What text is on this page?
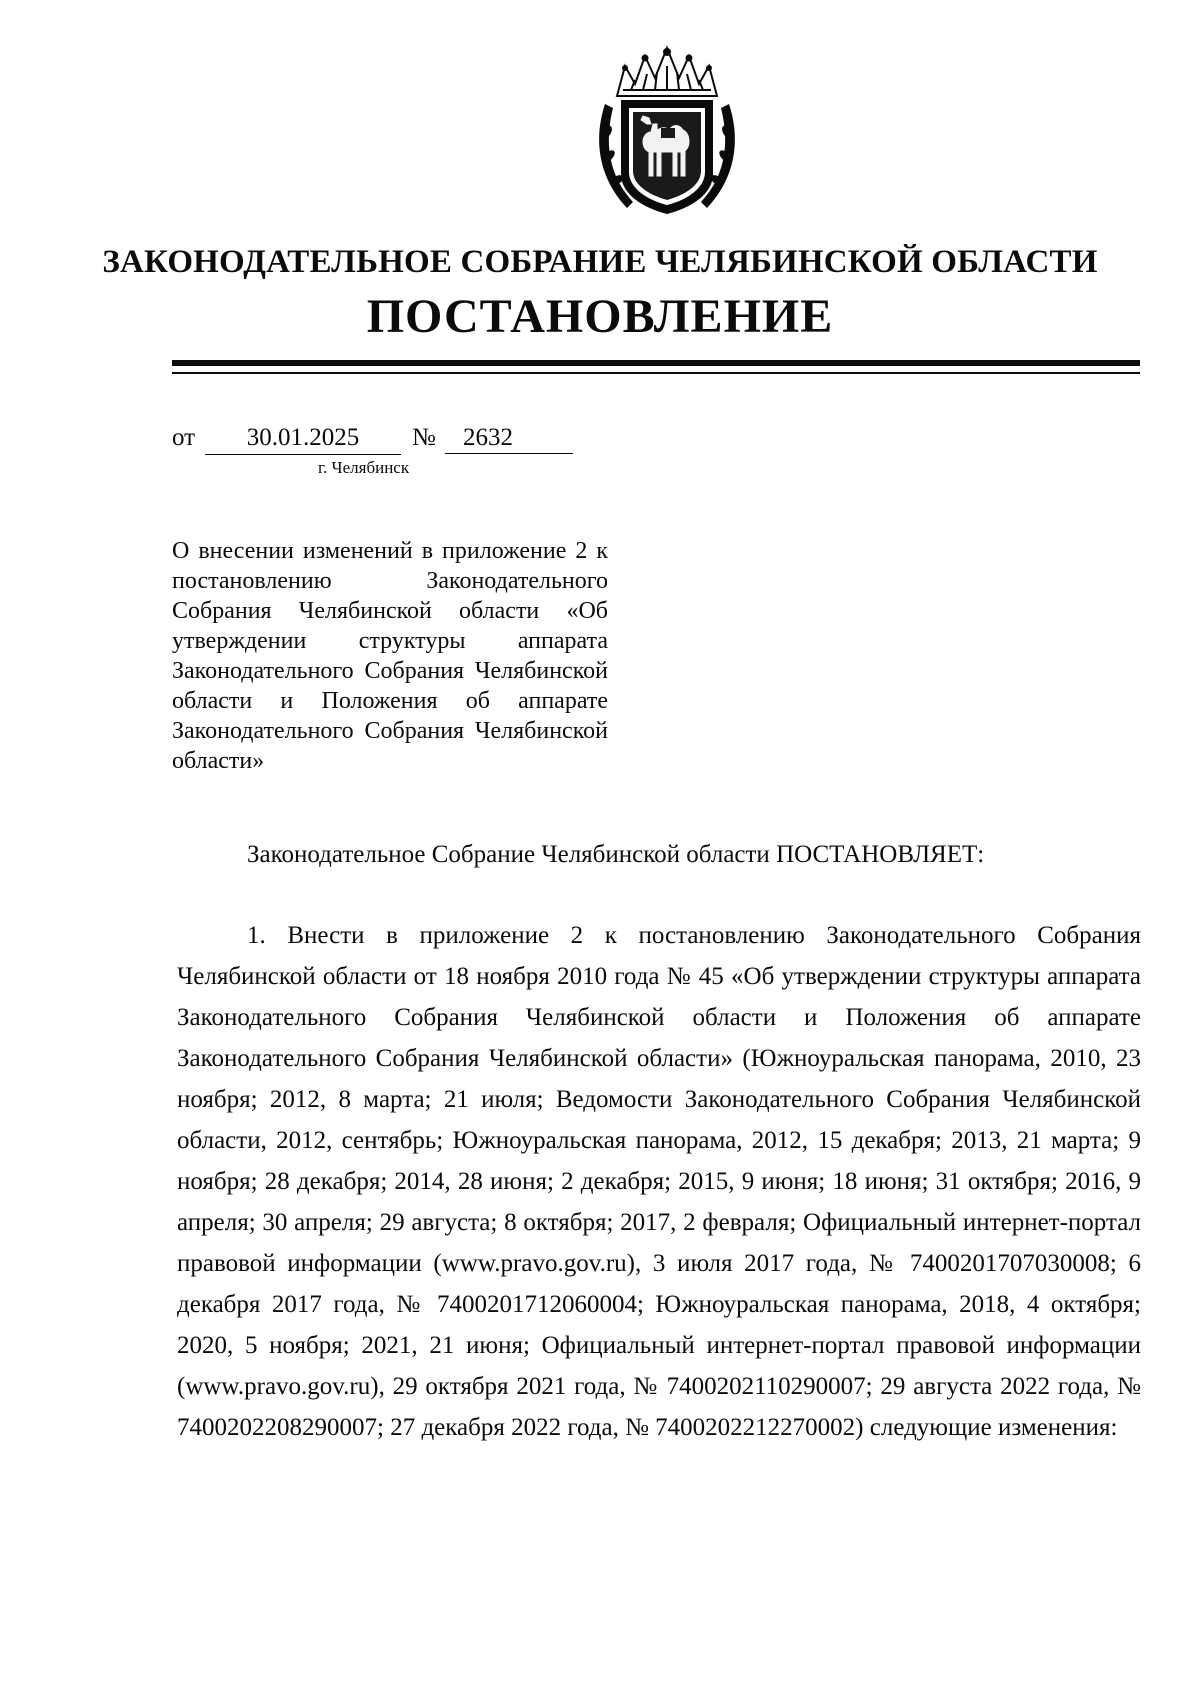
ЗАКОНОДАТЕЛЬНОЕ СОБРАНИЕ ЧЕЛЯБИНСКОЙ ОБЛАСТИ
ПОСТАНОВЛЕНИЕ
от	30.01.2025	№	2632
г. Челябинск
О внесении изменений в приложение 2 к постановлению Законодательного Собрания Челябинской области «Об утверждении структуры аппарата Законодательного Собрания Челябинской области и Положения об аппарате Законодательного Собрания Челябинской области»
Законодательное Собрание Челябинской области ПОСТАНОВЛЯЕТ:

1. Внести в приложение 2 к постановлению Законодательного Собрания Челябинской области от 18 ноября 2010 года № 45 «Об утверждении структуры аппарата Законодательного Собрания Челябинской области и Положения об аппарате Законодательного Собрания Челябинской области» (Южноуральская панорама, 2010, 23 ноября; 2012, 8 марта; 21 июля; Ведомости Законодательного Собрания Челябинской области, 2012, сентябрь; Южноуральская панорама, 2012, 15 декабря; 2013, 21 марта; 9 ноября; 28 декабря; 2014, 28 июня; 2 декабря; 2015, 9 июня; 18 июня; 31 октября; 2016, 9 апреля; 30 апреля; 29 августа; 8 октября; 2017, 2 февраля; Официальный интернет-портал правовой информации (www.pravo.gov.ru), 3 июля 2017 года, № 7400201707030008; 6 декабря 2017 года, № 7400201712060004; Южноуральская панорама, 2018, 4 октября; 2020, 5 ноября; 2021, 21 июня; Официальный интернет-портал правовой информации (www.pravo.gov.ru), 29 октября 2021 года, № 7400202110290007; 29 августа 2022 года, № 7400202208290007; 27 декабря 2022 года, № 7400202212270002) следующие изменения:
